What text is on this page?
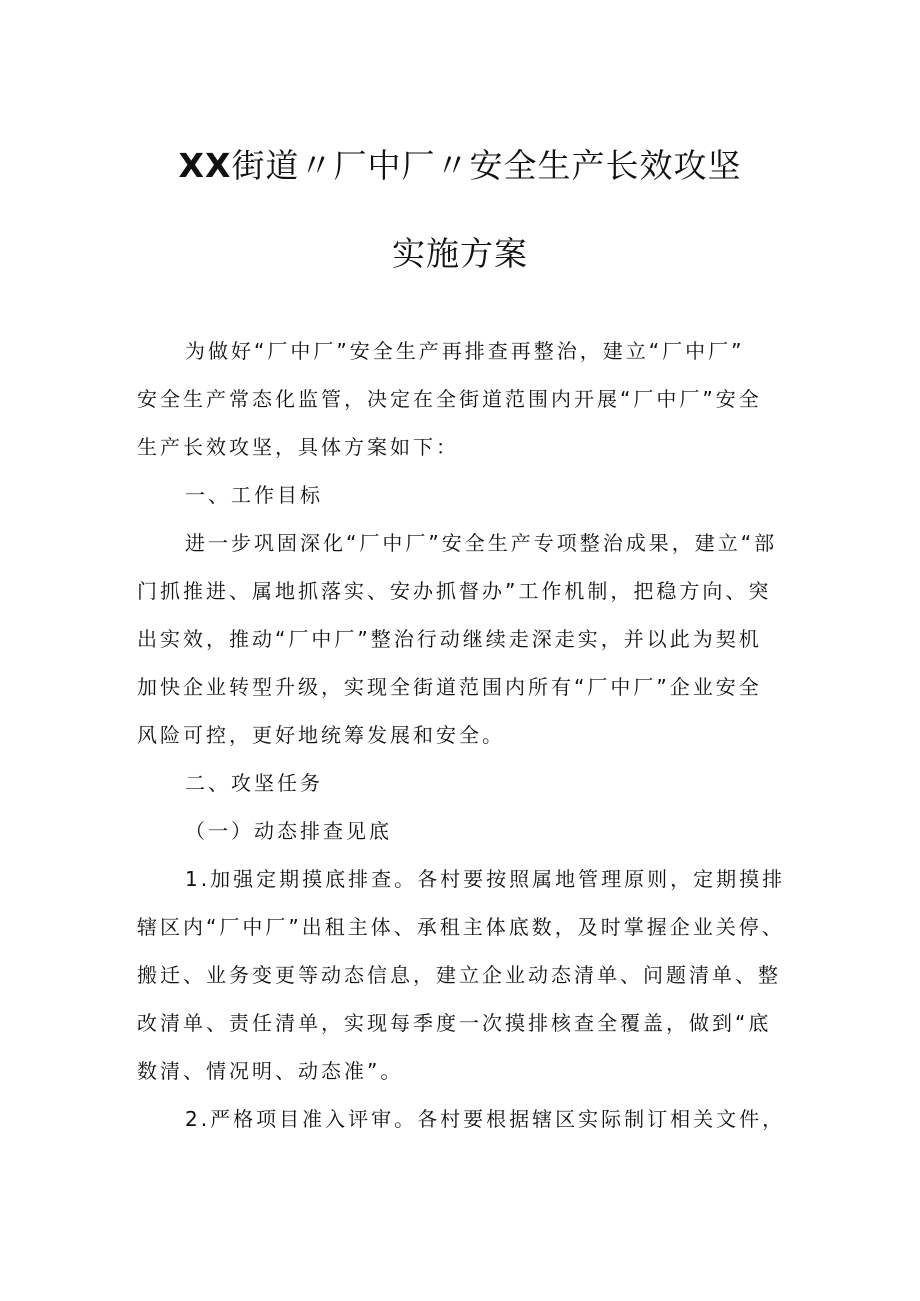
XX街道〃厂中厂〃安全生产长效攻坚
实施方案
为做好“厂中厂”安全生产再排查再整治，建立“厂中厂”
安全生产常态化监管，决定在全街道范围内开展“厂中厂”安全
生产长效攻坚，具体方案如下：
一、工作目标
进一步巩固深化“厂中厂”安全生产专项整治成果，建立“部
门抓推进、属地抓落实、安办抓督办”工作机制，把稳方向、突
出实效，推动“厂中厂”整治行动继续走深走实，并以此为契机
加快企业转型升级，实现全街道范围内所有“厂中厂”企业安全
风险可控，更好地统筹发展和安全。
二、攻坚任务
（一）动态排查见底
1.加强定期摸底排查。各村要按照属地管理原则，定期摸排
辖区内“厂中厂”出租主体、承租主体底数，及时掌握企业关停、
搬迁、业务变更等动态信息，建立企业动态清单、问题清单、整
改清单、责任清单，实现每季度一次摸排核查全覆盖，做到“底
数清、情况明、动态准”。
2.严格项目准入评审。各村要根据辖区实际制订相关文件，
